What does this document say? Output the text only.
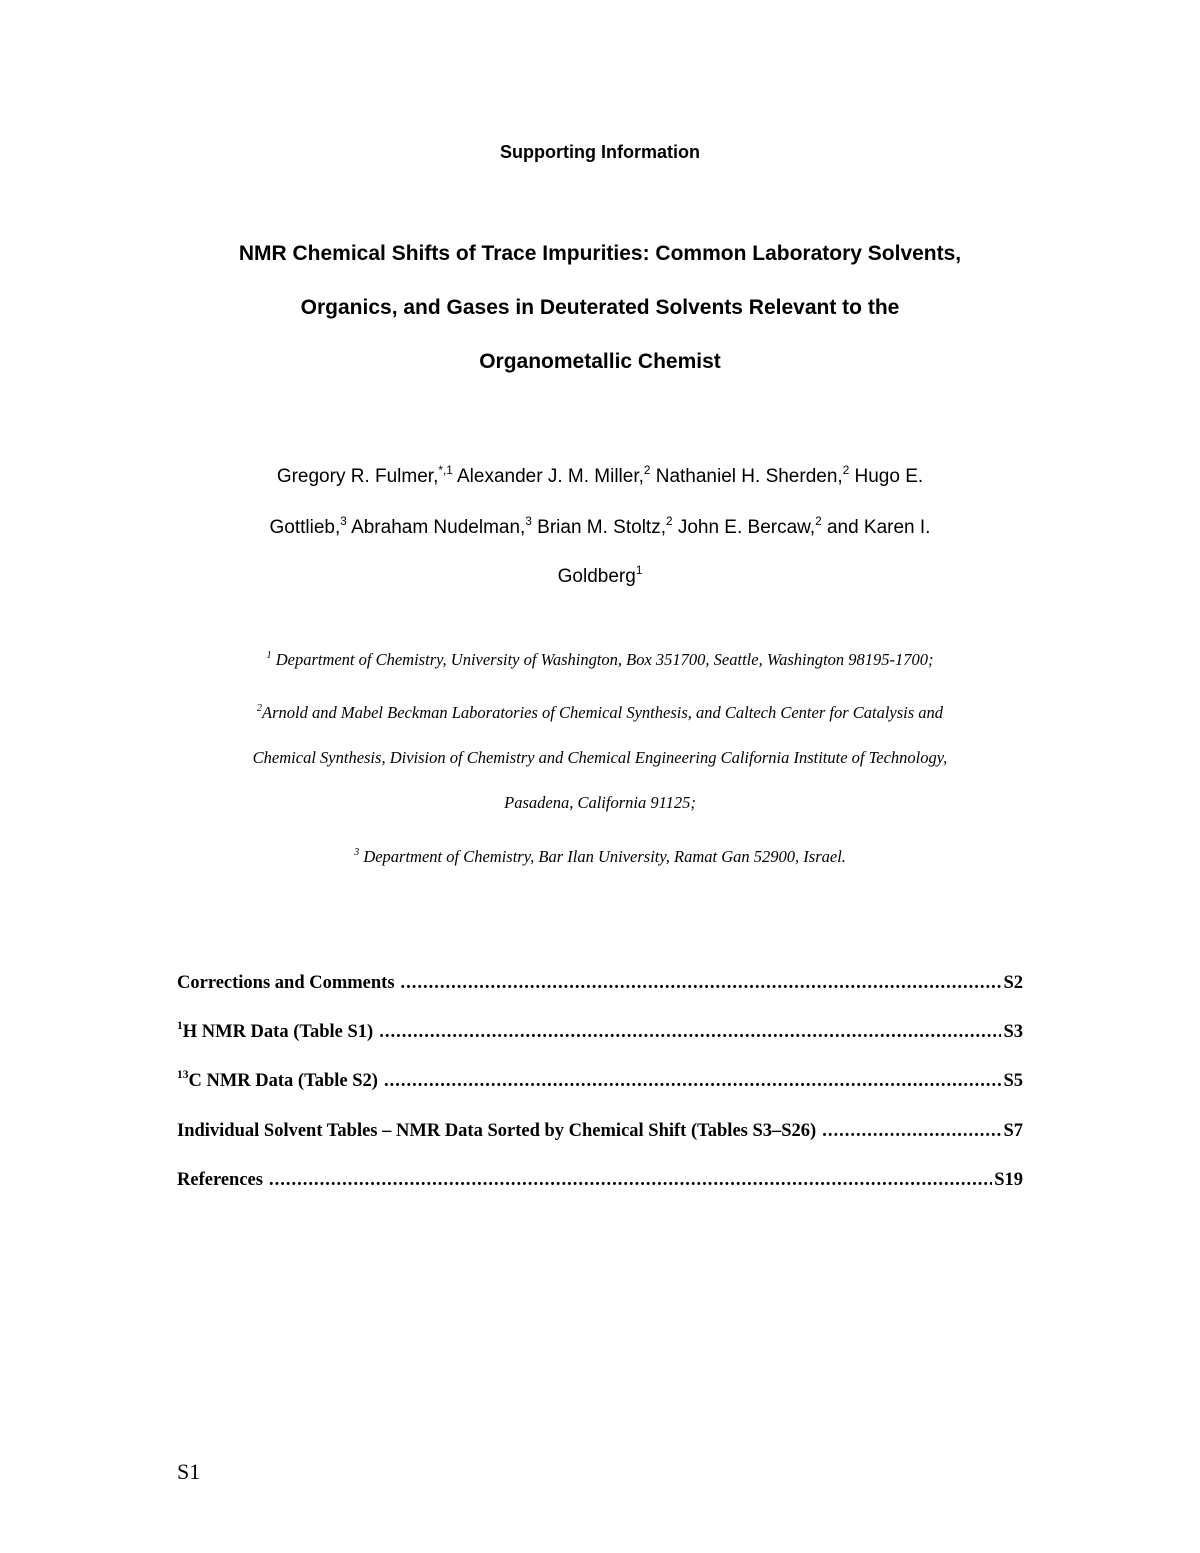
Supporting Information
NMR Chemical Shifts of Trace Impurities: Common Laboratory Solvents,
Organics, and Gases in Deuterated Solvents Relevant to the
Organometallic Chemist
Gregory R. Fulmer,$^{*,1}$ Alexander J. M. Miller,$^2$ Nathaniel H. Sherden,$^2$ Hugo E.
Gottlieb,$^3$ Abraham Nudelman,$^3$ Brian M. Stoltz,$^2$ John E. Bercaw,$^2$ and Karen I.
Goldberg$^1$
$^1$ Department of Chemistry, University of Washington, Box 351700, Seattle, Washington 98195-1700;
$^2$Arnold and Mabel Beckman Laboratories of Chemical Synthesis, and Caltech Center for Catalysis and
Chemical Synthesis, Division of Chemistry and Chemical Engineering California Institute of Technology,
Pasadena, California 91125;
$^3$ Department of Chemistry, Bar Ilan University, Ramat Gan 52900, Israel.
Corrections and Comments .....	S2
$^1$H NMR Data (Table S1) .....	S3
$^{13}$C NMR Data (Table S2) .....	S5
Individual Solvent Tables – NMR Data Sorted by Chemical Shift (Tables S3–S26) .....	S7
References .....	S19
S1
